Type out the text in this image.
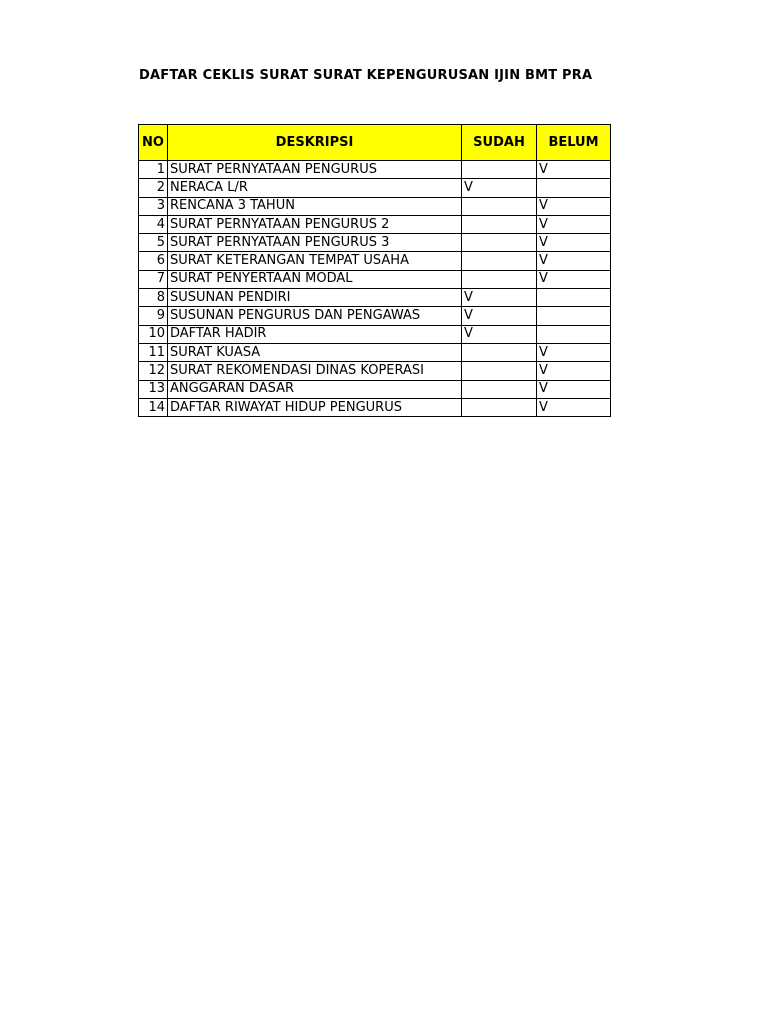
DAFTAR CEKLIS SURAT SURAT KEPENGURUSAN IJIN BMT PRA
NO	DESKRIPSI	SUDAH	BELUM
1	SURAT PERNYATAAN PENGURUS		V
2	NERACA L/R	V	
3	RENCANA 3 TAHUN		V
4	SURAT PERNYATAAN PENGURUS 2		V
5	SURAT PERNYATAAN PENGURUS 3		V
6	SURAT KETERANGAN TEMPAT USAHA		V
7	SURAT PENYERTAAN MODAL		V
8	SUSUNAN PENDIRI	V	
9	SUSUNAN PENGURUS DAN PENGAWAS	V	
10	DAFTAR HADIR	V	
11	SURAT KUASA		V
12	SURAT REKOMENDASI DINAS KOPERASI		V
13	ANGGARAN DASAR		V
14	DAFTAR RIWAYAT HIDUP PENGURUS		V
